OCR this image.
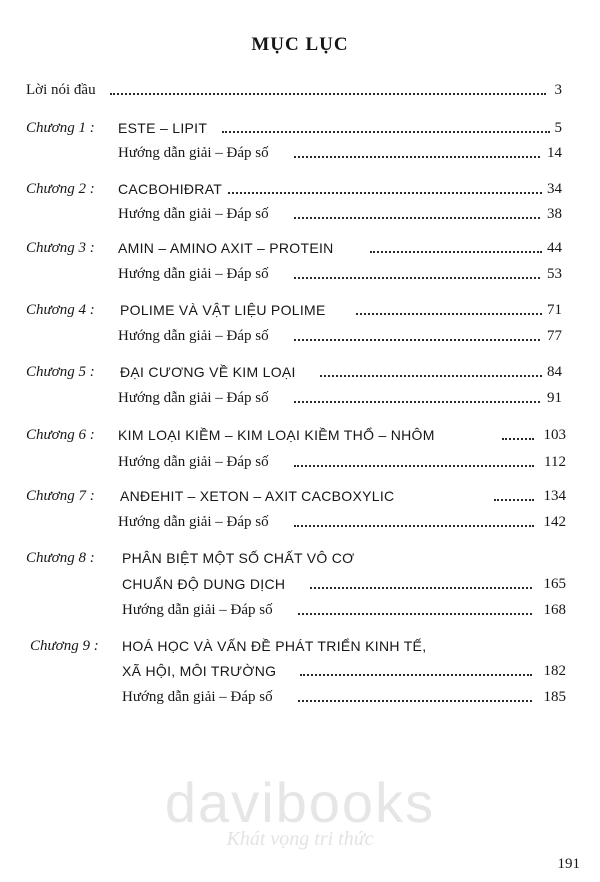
MỤC LỤC
Lời nói đầu	3
Chương 1 : ESTE – LIPIT	5
Hướng dẫn giải – Đáp số	14
Chương 2 : CACBOHIĐRAT	34
Hướng dẫn giải – Đáp số	38
Chương 3 : AMIN – AMINO AXIT – PROTEIN	44
Hướng dẫn giải – Đáp số	53
Chương 4 : POLIME VÀ VẬT LIỆU POLIME	71
Hướng dẫn giải – Đáp số	77
Chương 5 : ĐẠI CƯƠNG VỀ KIM LOẠI	84
Hướng dẫn giải – Đáp số	91
Chương 6 : KIM LOẠI KIỀM – KIM LOẠI KIỀM THỔ – NHÔM	103
Hướng dẫn giải – Đáp số	112
Chương 7 : ANĐEHIT – XETON – AXIT CACBOXYLIC	134
Hướng dẫn giải – Đáp số	142
Chương 8 : PHÂN BIỆT MỘT SỐ CHẤT VÔ CƠ
CHUẨN ĐỘ DUNG DỊCH	165
Hướng dẫn giải – Đáp số	168
Chương 9 : HOÁ HỌC VÀ VẤN ĐỀ PHÁT TRIỂN KINH TẾ,
XÃ HỘI, MÔI TRƯỜNG	182
Hướng dẫn giải – Đáp số	185
davibooks
Khát vọng tri thức
191
